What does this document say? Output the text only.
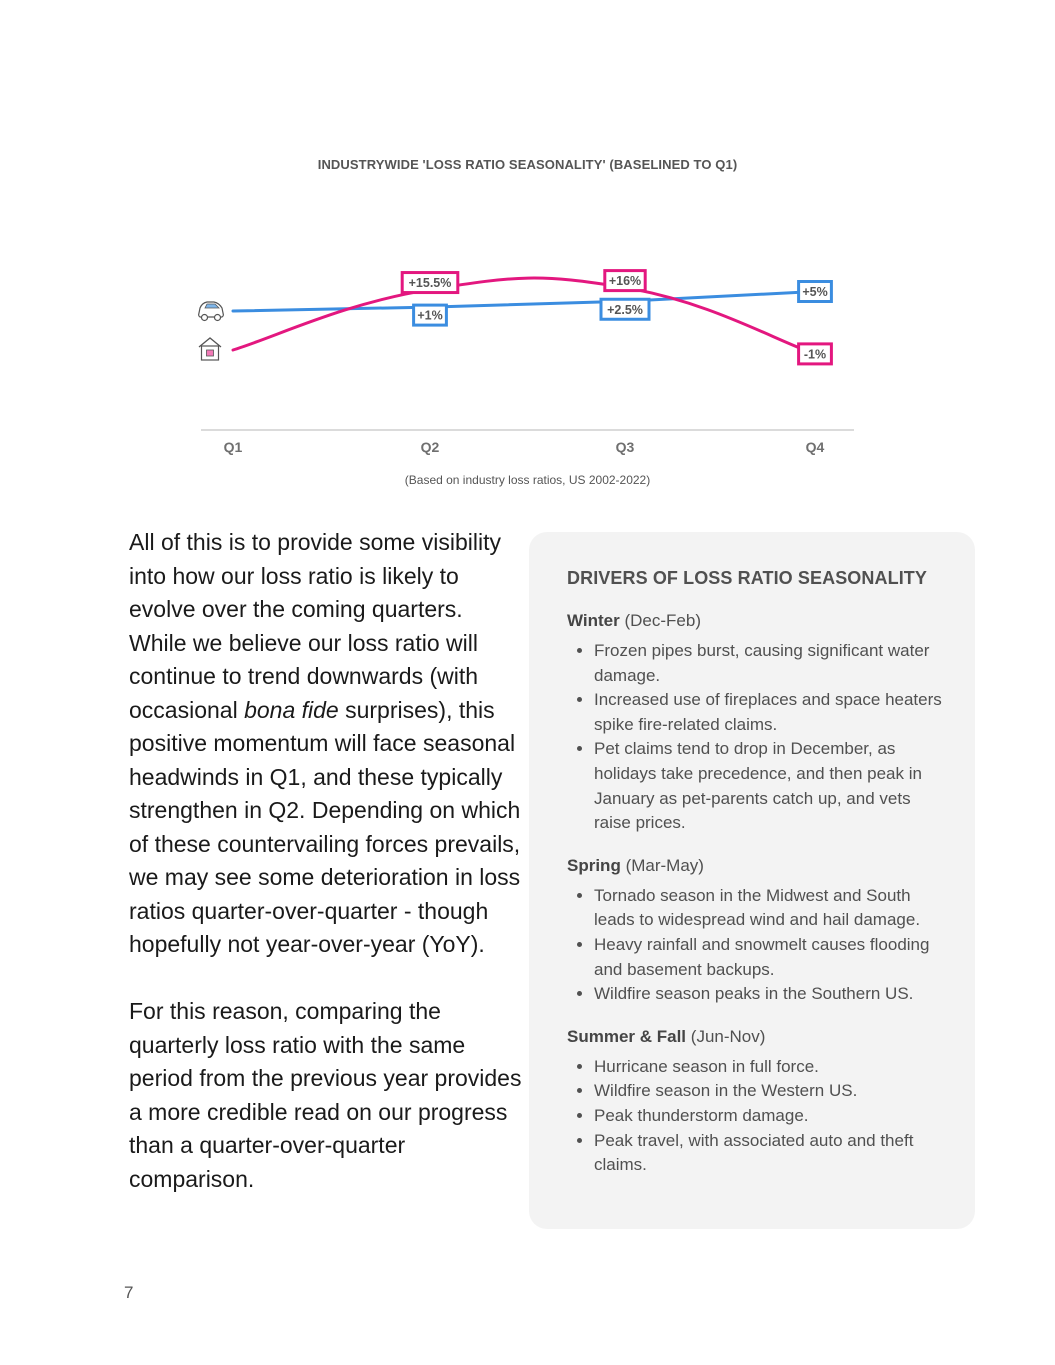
INDUSTRYWIDE 'LOSS RATIO SEASONALITY' (BASELINED TO Q1)
+1%	+2.5%
+5%
+15.5%	+16%
-1%
Q1	Q2	Q3	Q4
(Based on industry loss ratios, US 2002-2022)

All of this is to provide some visibility into how our loss ratio is likely to evolve over the coming quarters. While we believe our loss ratio will continue to trend downwards (with occasional bona fide surprises), this positive momentum will face seasonal headwinds in Q1, and these typically strengthen in Q2. Depending on which of these countervailing forces prevails, we may see some deterioration in loss ratios quarter-over-quarter - though hopefully not year-over-year (YoY).

For this reason, comparing the quarterly loss ratio with the same period from the previous year provides a more credible read on our progress than a quarter-over-quarter comparison.

DRIVERS OF LOSS RATIO SEASONALITY
Winter (Dec-Feb)
• Frozen pipes burst, causing significant water damage.
• Increased use of fireplaces and space heaters spike fire-related claims.
• Pet claims tend to drop in December, as holidays take precedence, and then peak in January as pet-parents catch up, and vets raise prices.
Spring (Mar-May)
• Tornado season in the Midwest and South leads to widespread wind and hail damage.
• Heavy rainfall and snowmelt causes flooding and basement backups.
• Wildfire season peaks in the Southern US.
Summer & Fall (Jun-Nov)
• Hurricane season in full force.
• Wildfire season in the Western US.
• Peak thunderstorm damage.
• Peak travel, with associated auto and theft claims.
7
